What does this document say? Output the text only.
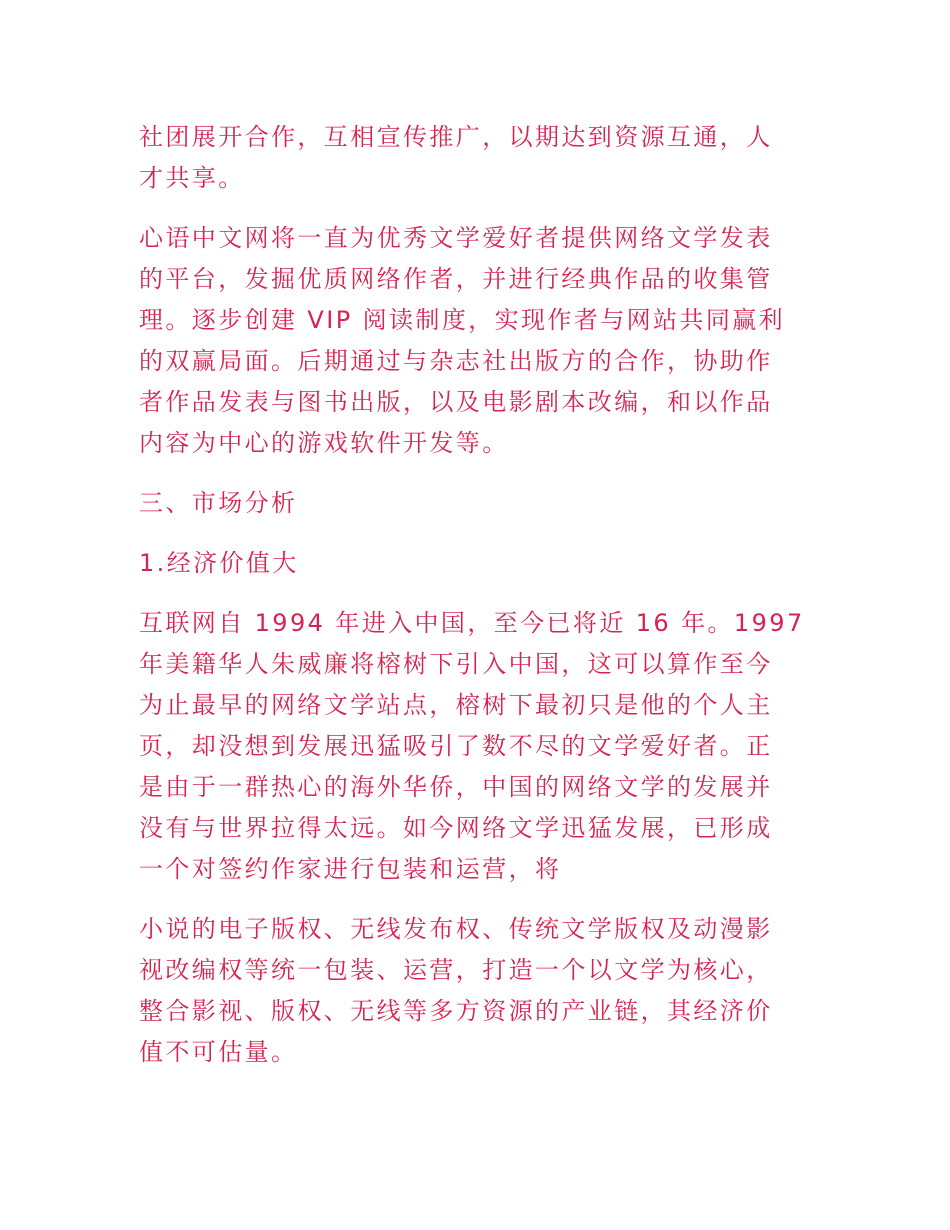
社团展开合作，互相宣传推广，以期达到资源互通，人
才共享。

心语中文网将一直为优秀文学爱好者提供网络文学发表
的平台，发掘优质网络作者，并进行经典作品的收集管
理。逐步创建 VIP 阅读制度，实现作者与网站共同赢利
的双赢局面。后期通过与杂志社出版方的合作，协助作
者作品发表与图书出版，以及电影剧本改编，和以作品
内容为中心的游戏软件开发等。

三、市场分析

1.经济价值大

互联网自 1994 年进入中国，至今已将近 16 年。1997
年美籍华人朱威廉将榕树下引入中国，这可以算作至今
为止最早的网络文学站点，榕树下最初只是他的个人主
页，却没想到发展迅猛吸引了数不尽的文学爱好者。正
是由于一群热心的海外华侨，中国的网络文学的发展并
没有与世界拉得太远。如今网络文学迅猛发展，已形成
一个对签约作家进行包装和运营，将

小说的电子版权、无线发布权、传统文学版权及动漫影
视改编权等统一包装、运营，打造一个以文学为核心，
整合影视、版权、无线等多方资源的产业链，其经济价
值不可估量。
